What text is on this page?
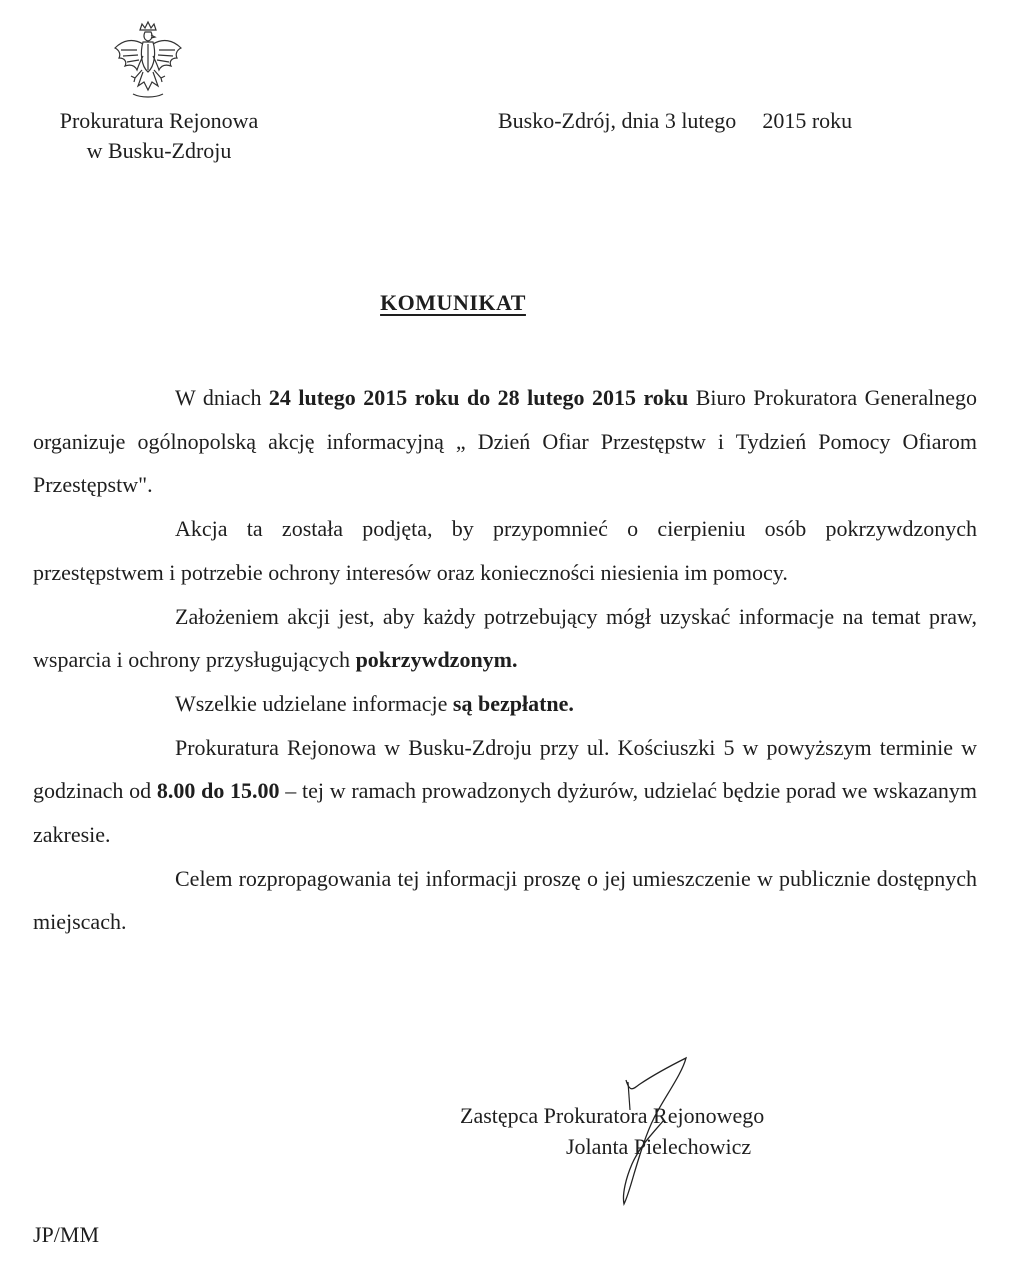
Prokuratura Rejonowa
w Busku-Zdroju
Busko-Zdrój, dnia 3 lutego 2015 roku
KOMUNIKAT

W dniach 24 lutego 2015 roku do 28 lutego 2015 roku Biuro Prokuratora Generalnego organizuje ogólnopolską akcję informacyjną „ Dzień Ofiar Przestępstw i Tydzień Pomocy Ofiarom Przestępstw".

Akcja ta została podjęta, by przypomnieć o cierpieniu osób pokrzywdzonych przestępstwem i potrzebie ochrony interesów oraz konieczności niesienia im pomocy.

Założeniem akcji jest, aby każdy potrzebujący mógł uzyskać informacje na temat praw, wsparcia i ochrony przysługujących pokrzywdzonym.

Wszelkie udzielane informacje są bezpłatne.

Prokuratura Rejonowa w Busku-Zdroju przy ul. Kościuszki 5 w powyższym terminie w godzinach od 8.00 do 15.00 – tej w ramach prowadzonych dyżurów, udzielać będzie porad we wskazanym zakresie.

Celem rozpropagowania tej informacji proszę o jej umieszczenie w publicznie dostępnych miejscach.

Zastępca Prokuratora Rejonowego
Jolanta Pielechowicz
JP/MM
